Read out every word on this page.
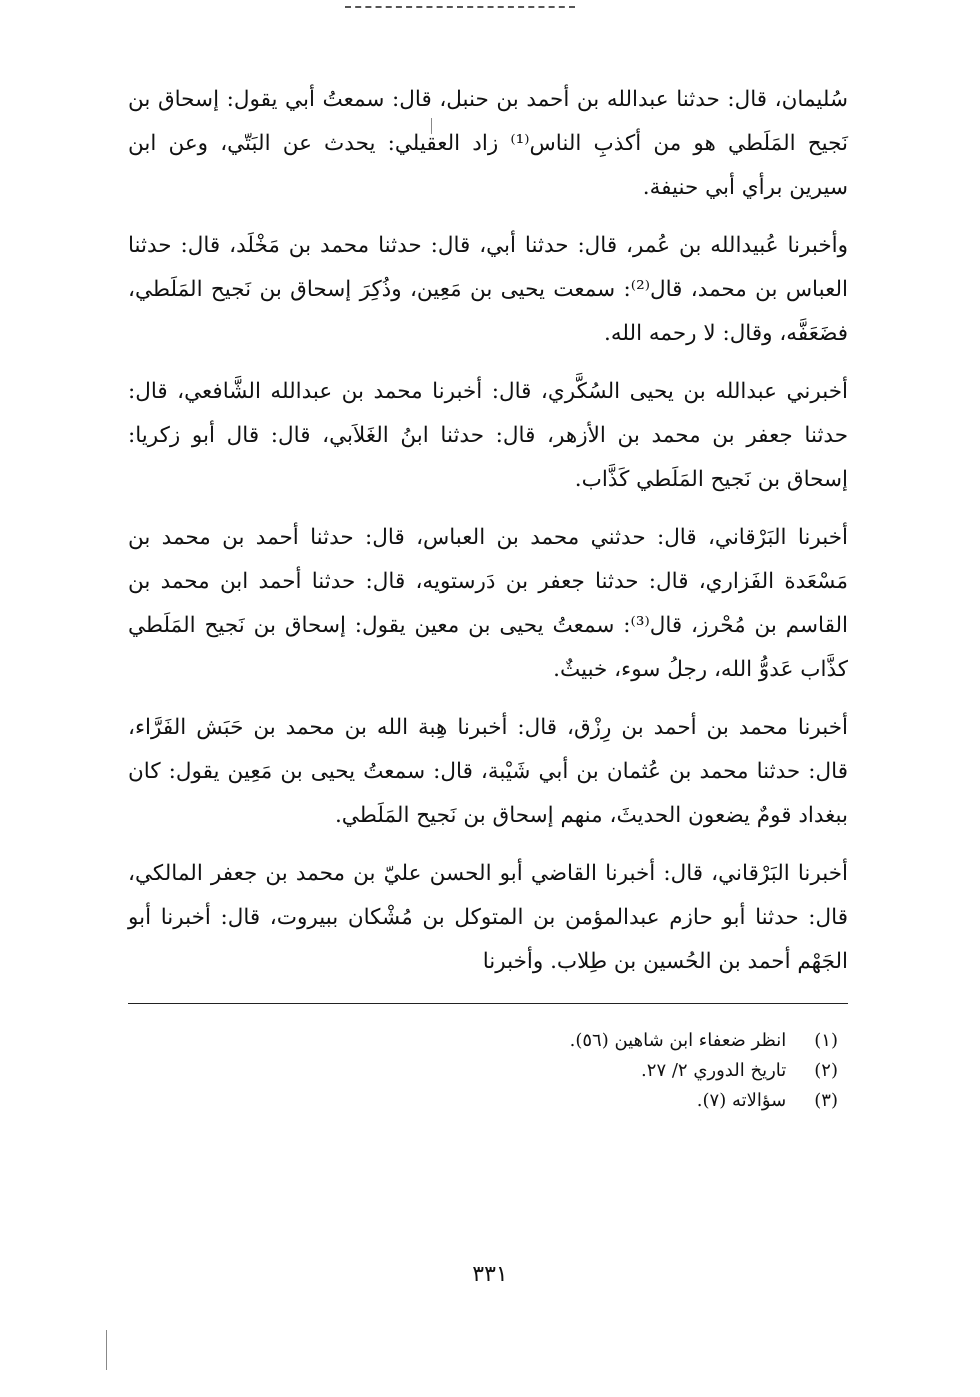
سُليمان، قال: حدثنا عبدالله بن أحمد بن حنبل، قال: سمعتُ أبي يقول: إسحاق بن نَجيح المَلَطي هو من أكذبِ الناس⁽¹⁾ زاد العقيلي: يحدث عن البَتّي، وعن ابن سيرين برأي أبي حنيفة.

وأخبرنا عُبيدالله بن عُمر، قال: حدثنا أبي، قال: حدثنا محمد بن مَخْلَد، قال: حدثنا العباس بن محمد، قال⁽²⁾: سمعت يحيى بن مَعِين، وذُكِرَ إسحاق بن نَجيح المَلَطي، فضَعَفَّه، وقال: لا رحمه الله.

أخبرني عبدالله بن يحيى السُكَّري، قال: أخبرنا محمد بن عبدالله الشَّافعي، قال: حدثنا جعفر بن محمد بن الأزهر، قال: حدثنا ابنُ الغَلاَبي، قال: قال أبو زكريا: إسحاق بن نَجيح المَلَطي كَذَّاب.

أخبرنا البَرْقاني، قال: حدثني محمد بن العباس، قال: حدثنا أحمد بن محمد بن مَسْعَدة الفَزاري، قال: حدثنا جعفر بن دَرستويه، قال: حدثنا أحمد ابن محمد بن القاسم بن مُحْرز، قال⁽³⁾: سمعتُ يحيى بن معين يقول: إسحاق بن نَجيح المَلَطي كذَّاب عَدوُّ الله، رجلُ سوء، خبيثٌ.

أخبرنا محمد بن أحمد بن رِزْق، قال: أخبرنا هِبة الله بن محمد بن حَبَش الفَرَّاء، قال: حدثنا محمد بن عُثمان بن أبي شَيْبة، قال: سمعتُ يحيى بن مَعِين يقول: كان ببغداد قومٌ يضعون الحديثَ، منهم إسحاق بن نَجيح المَلَطي.

أخبرنا البَرْقاني، قال: أخبرنا القاضي أبو الحسن عليّ بن محمد بن جعفر المالكي، قال: حدثنا أبو حازم عبدالمؤمن بن المتوكل بن مُشْكان ببيروت، قال: أخبرنا أبو الجَهْم أحمد بن الحُسين بن طِلاب. وأخبرنا

(١) انظر ضعفاء ابن شاهين (٥٦).
(٢) تاريخ الدوري ٢/ ٢٧.
(٣) سؤالاته (٧).
٣٣١
